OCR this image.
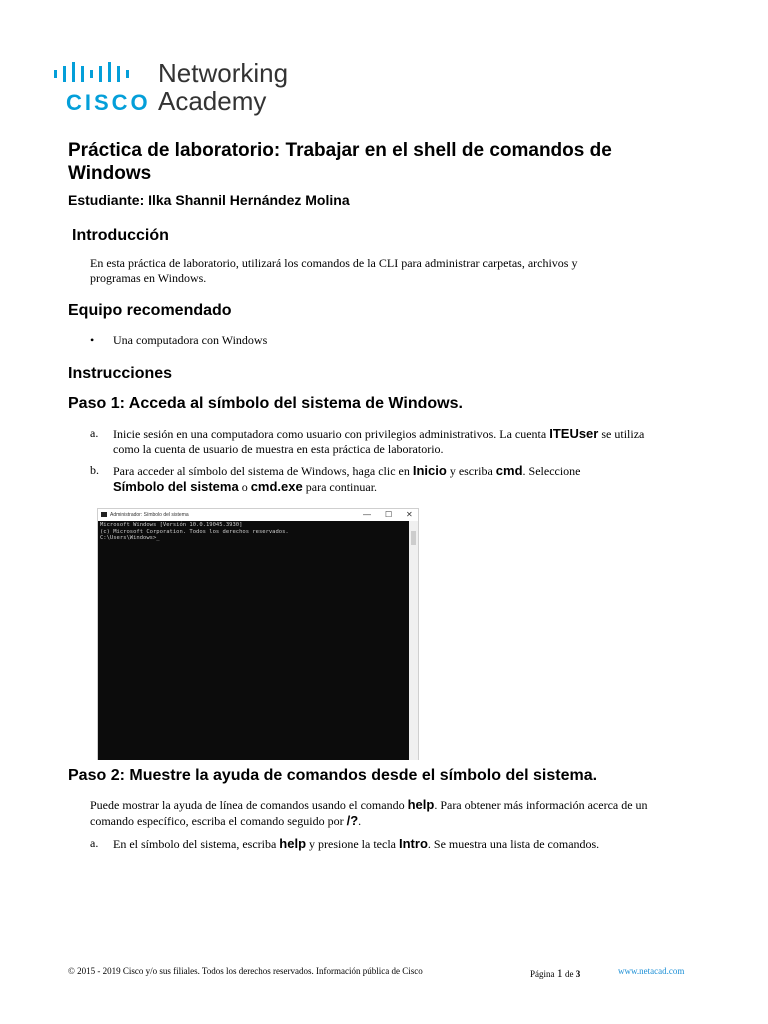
CISCO
Networking
Academy
Práctica de laboratorio: Trabajar en el shell de comandos de Windows
Estudiante: Ilka Shannil Hernández Molina
Introducción
En esta práctica de laboratorio, utilizará los comandos de la CLI para administrar carpetas, archivos y programas en Windows.
Equipo recomendado
• Una computadora con Windows
Instrucciones
Paso 1: Acceda al símbolo del sistema de Windows.
a. Inicie sesión en una computadora como usuario con privilegios administrativos. La cuenta ITEUser se utiliza como la cuenta de usuario de muestra en esta práctica de laboratorio.
b. Para acceder al símbolo del sistema de Windows, haga clic en Inicio y escriba cmd. Seleccione
Símbolo del sistema o cmd.exe para continuar.
Administrador: Símbolo del sistema	— ☐ ✕
Microsoft Windows [Versión 10.0.19045.3930]
(c) Microsoft Corporation. Todos los derechos reservados.
C:\Users\Windows>_
Paso 2: Muestre la ayuda de comandos desde el símbolo del sistema.
Puede mostrar la ayuda de línea de comandos usando el comando help. Para obtener más información acerca de un comando específico, escriba el comando seguido por /?.
a. En el símbolo del sistema, escriba help y presione la tecla Intro. Se muestra una lista de comandos.
© 2015 - 2019 Cisco y/o sus filiales. Todos los derechos reservados. Información pública de Cisco	Página 1 de 3	www.netacad.com
